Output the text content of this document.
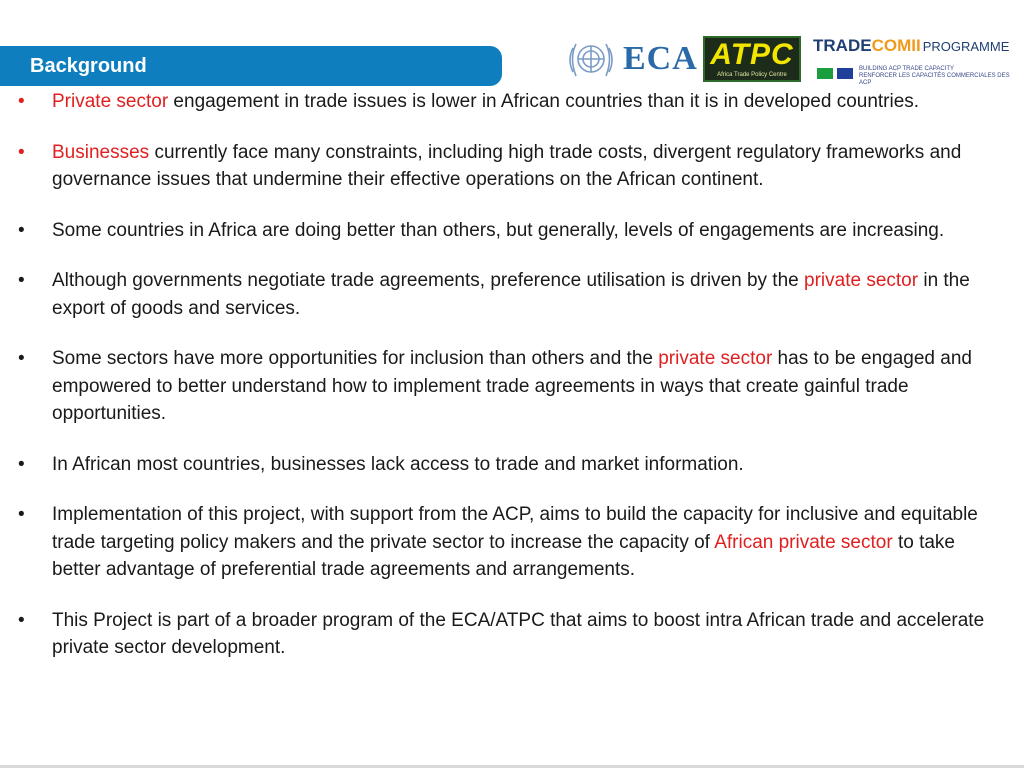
Background	ECA ATPC
Africa Trade Policy Centre
TRADECOMII PROGRAMME
BUILDING ACP TRADE CAPACITY
RENFORCER LES CAPACITÉS COMMERCIALES DES ACP
• Private sector engagement in trade issues is lower in African countries than it is in developed countries.
• Businesses currently face many constraints, including high trade costs, divergent regulatory frameworks and governance issues that undermine their effective operations on the African continent.
• Some countries in Africa are doing better than others, but generally, levels of engagements are increasing.
• Although governments negotiate trade agreements, preference utilisation is driven by the private sector in the export of goods and services.
• Some sectors have more opportunities for inclusion than others and the private sector has to be engaged and empowered to better understand how to implement trade agreements in ways that create gainful trade opportunities.
• In African most countries, businesses lack access to trade and market information.
• Implementation of this project, with support from the ACP, aims to build the capacity for inclusive and equitable trade targeting policy makers and the private sector to increase the capacity of African private sector to take better advantage of preferential trade agreements and arrangements.
• This Project is part of a broader program of the ECA/ATPC that aims to boost intra African trade and accelerate private sector development.
